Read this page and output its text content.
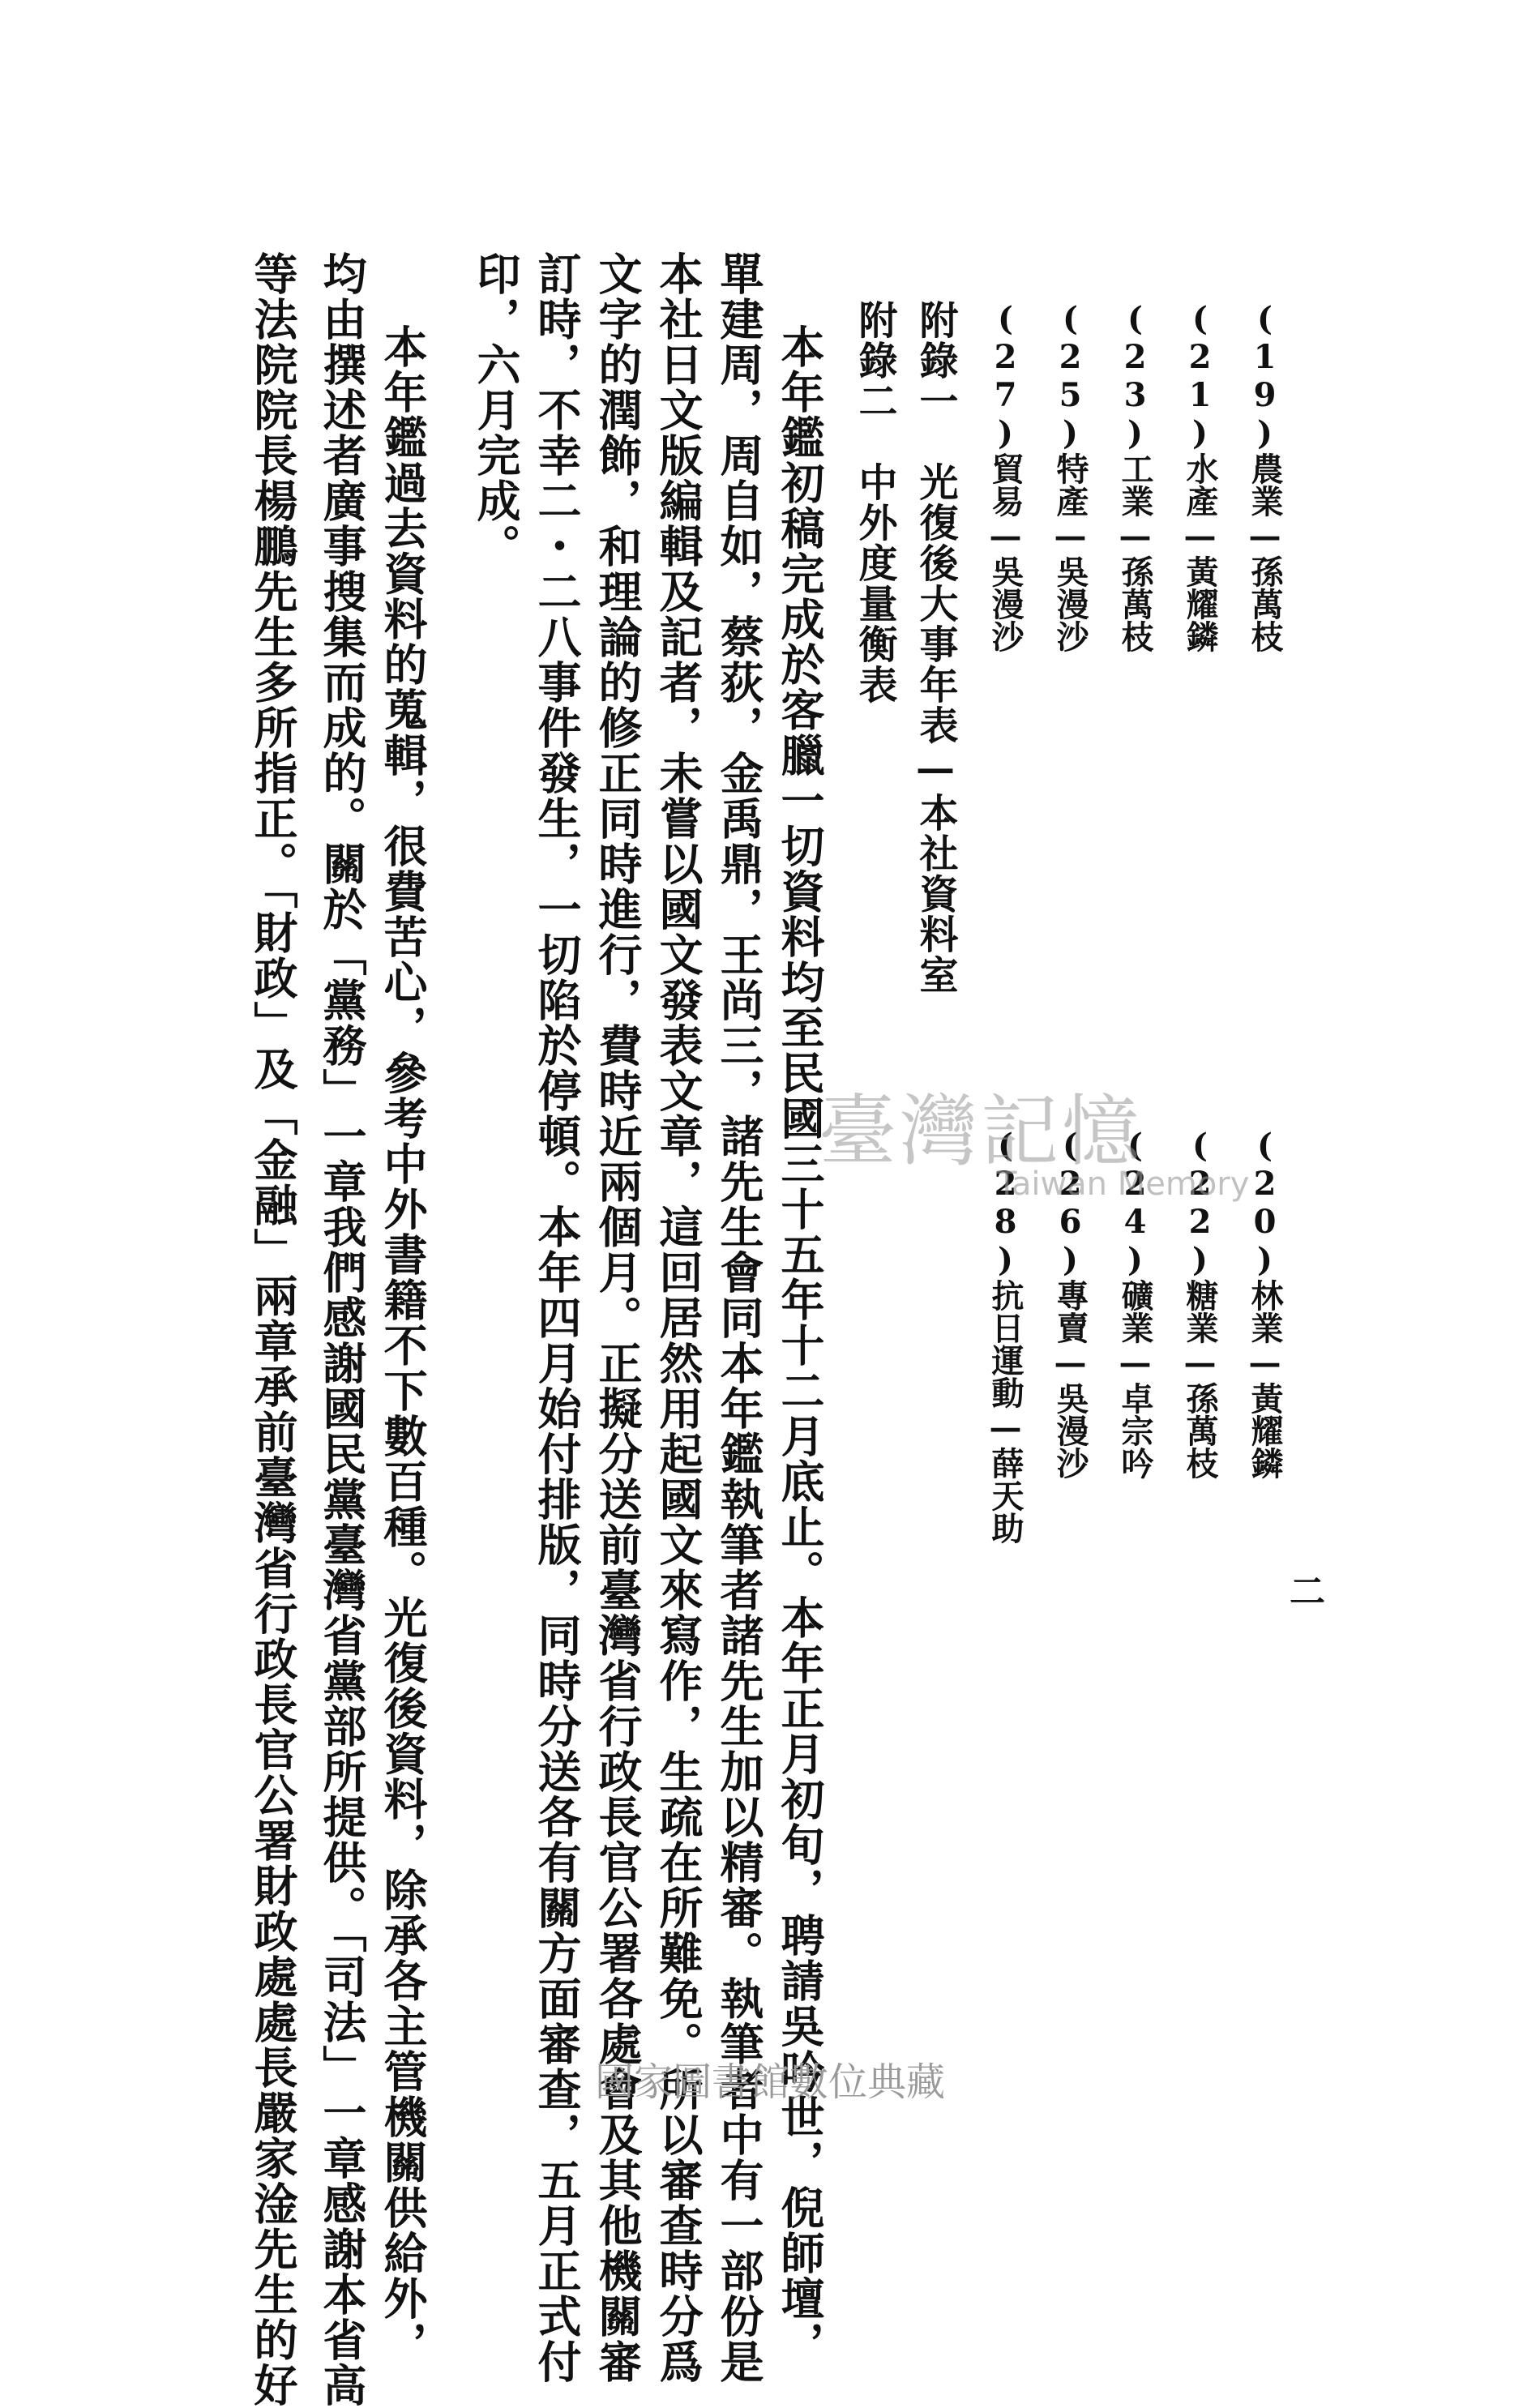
二
(19)農業—孫萬枝
(21)水產—黃耀鏻
(23)工業—孫萬枝
(25)特產—吳漫沙
(27)貿易—吳漫沙
(20)林業—黃耀鏻
(22)糖業—孫萬枝
(24)礦業—卓宗吟
(26)專賣—吳漫沙
(28)抗日運動—薛天助
附錄一　光復後大事年表—本社資料室
附錄二　中外度量衡表
本年鑑初稿完成於客臘一切資料均至民國三十五年十二月底止。本年正月初旬，聘請吳吟世，倪師壇，
單建周，周自如，蔡荻，金禹鼎，王尚三，諸先生會同本年鑑執筆者諸先生加以精審。執筆者中有一部份是
本社日文版編輯及記者，未嘗以國文發表文章，這回居然用起國文來寫作，生疏在所難免。所以審查時分爲
文字的潤飾，和理論的修正同時進行，費時近兩個月。正擬分送前臺灣省行政長官公署各處會及其他機關審
訂時，不幸二・二八事件發生，一切陷於停頓。本年四月始付排版，同時分送各有關方面審查，五月正式付
印，六月完成。
本年鑑過去資料的蒐輯，很費苦心，參考中外書籍不下數百種。光復後資料，除承各主管機關供給外，
均由撰述者廣事搜集而成的。關於「黨務」一章我們感謝國民黨臺灣省黨部所提供。「司法」一章感謝本省高
等法院院長楊鵬先生多所指正。「財政」及「金融」兩章承前臺灣省行政長官公署財政處處長嚴家淦先生的好	臺灣記憶
Taiwan Memory
國家圖書館數位典藏
